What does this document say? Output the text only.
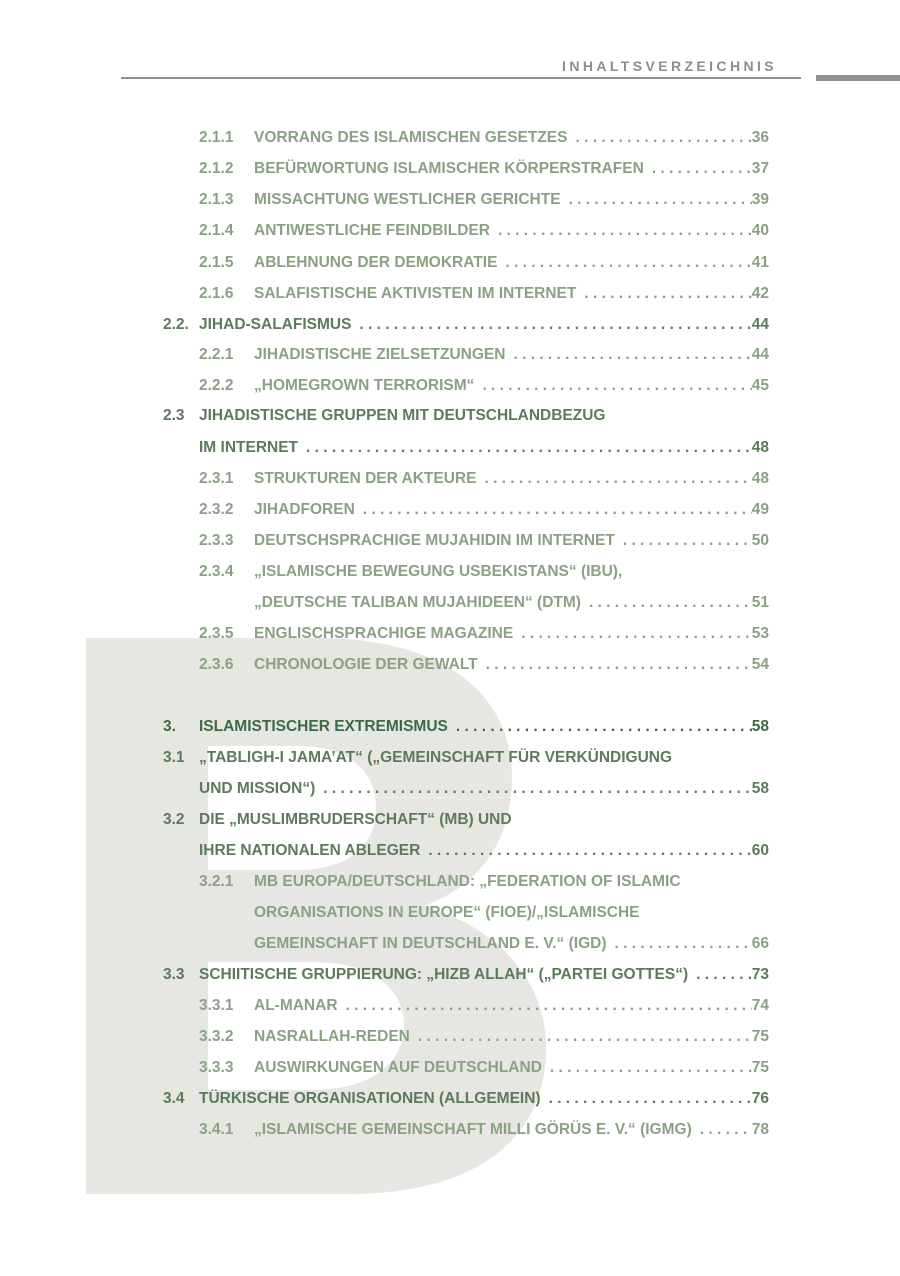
INHALTSVERZEICHNIS
2.1.1 VORRANG DES ISLAMISCHEN GESETZES . . .	36
2.1.2 BEFÜRWORTUNG ISLAMISCHER KÖRPERSTRAFEN . . .	37
2.1.3 MISSACHTUNG WESTLICHER GERICHTE . . .	39
2.1.4 ANTIWESTLICHE FEINDBILDER . . .	40
2.1.5 ABLEHNUNG DER DEMOKRATIE . . .	41
2.1.6 SALAFISTISCHE AKTIVISTEN IM INTERNET . . .	42
2.2. JIHAD-SALAFISMUS . . .	44
2.2.1 JIHADISTISCHE ZIELSETZUNGEN . . .	44
2.2.2 „HOMEGROWN TERRORISM“ . . .	45
2.3 JIHADISTISCHE GRUPPEN MIT DEUTSCHLANDBEZUG
IM INTERNET . . .	48
2.3.1 STRUKTUREN DER AKTEURE . . .	48
2.3.2 JIHADFOREN . . .	49
2.3.3 DEUTSCHSPRACHIGE MUJAHIDIN IM INTERNET . . .	50
2.3.4 „ISLAMISCHE BEWEGUNG USBEKISTANS“ (IBU),
„DEUTSCHE TALIBAN MUJAHIDEEN“ (DTM) . . .	51
2.3.5 ENGLISCHSPRACHIGE MAGAZINE . . .	53
2.3.6 CHRONOLOGIE DER GEWALT . . .	54
3. ISLAMISTISCHER EXTREMISMUS . . .	58
3.1 „TABLIGH-I JAMA’AT“ („GEMEINSCHAFT FÜR VERKÜNDIGUNG
UND MISSION“) . . .	58
3.2 DIE „MUSLIMBRUDERSCHAFT“ (MB) UND
IHRE NATIONALEN ABLEGER . . .	60
3.2.1 MB EUROPA/DEUTSCHLAND: „FEDERATION OF ISLAMIC
ORGANISATIONS IN EUROPE“ (FIOE)/„ISLAMISCHE
GEMEINSCHAFT IN DEUTSCHLAND E. V.“ (IGD) . . .	66
3.3 SCHIITISCHE GRUPPIERUNG: „HIZB ALLAH“ („PARTEI GOTTES“) . . .	73
3.3.1 AL-MANAR . . .	74
3.3.2 NASRALLAH-REDEN . . .	75
3.3.3 AUSWIRKUNGEN AUF DEUTSCHLAND . . .	75
3.4 TÜRKISCHE ORGANISATIONEN (ALLGEMEIN) . . .	76
3.4.1 „ISLAMISCHE GEMEINSCHAFT MILLI GÖRÜS E. V.“ (IGMG) . . .	78
